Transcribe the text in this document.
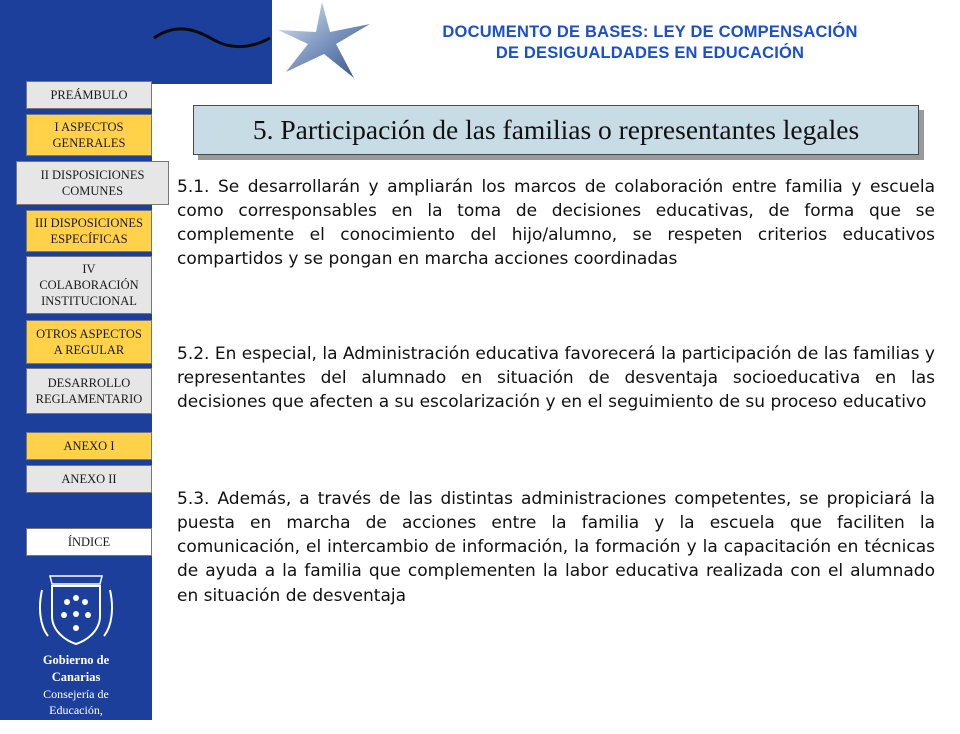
DOCUMENTO DE BASES: LEY DE COMPENSACIÓN
DE DESIGUALDADES EN EDUCACIÓN
PREÁMBULO
I ASPECTOS
GENERALES
II DISPOSICIONES
COMUNES
III DISPOSICIONES
ESPECÍFICAS
IV
COLABORACIÓN
INSTITUCIONAL
OTROS ASPECTOS
A REGULAR
DESARROLLO
REGLAMENTARIO
ANEXO I
ANEXO II
ÍNDICE
5. Participación de las familias o representantes legales

5.1. Se desarrollarán y ampliarán los marcos de colaboración entre familia y escuela como corresponsables en la toma de decisiones educativas, de forma que se complemente el conocimiento del hijo/alumno, se respeten criterios educativos compartidos y se pongan en marcha acciones coordinadas

5.2. En especial, la Administración educativa favorecerá la participación de las familias y representantes del alumnado en situación de desventaja socioeducativa en las decisiones que afecten a su escolarización y en el seguimiento de su proceso educativo

5.3. Además, a través de las distintas administraciones competentes, se propiciará la puesta en marcha de acciones entre la familia y la escuela que faciliten la comunicación, el intercambio de información, la formación y la capacitación en técnicas de ayuda a la familia que complementen la labor educativa realizada con el alumnado en situación de desventaja

Gobierno de Canarias
Consejería de Educación,
Cultura y Deportes
